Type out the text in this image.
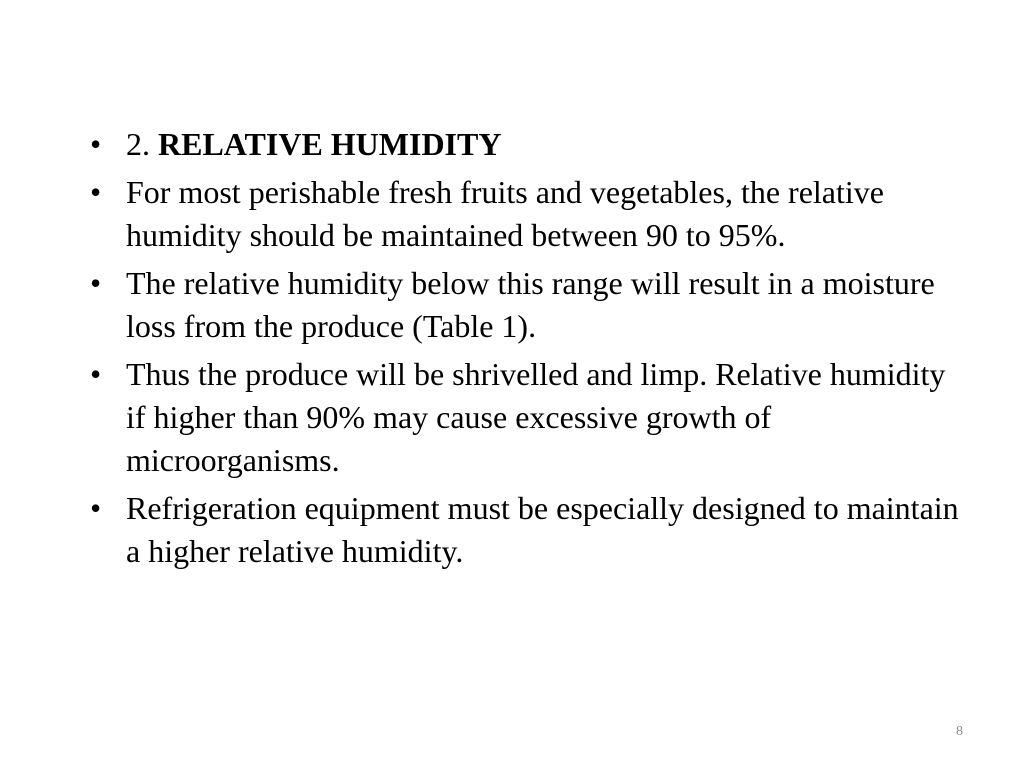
• 2. RELATIVE HUMIDITY
• For most perishable fresh fruits and vegetables, the relative humidity should be maintained between 90 to 95%.
• The relative humidity below this range will result in a moisture loss from the produce (Table 1).
• Thus the produce will be shrivelled and limp. Relative humidity if higher than 90% may cause excessive growth of microorganisms.
• Refrigeration equipment must be especially designed to maintain a higher relative humidity.
8
